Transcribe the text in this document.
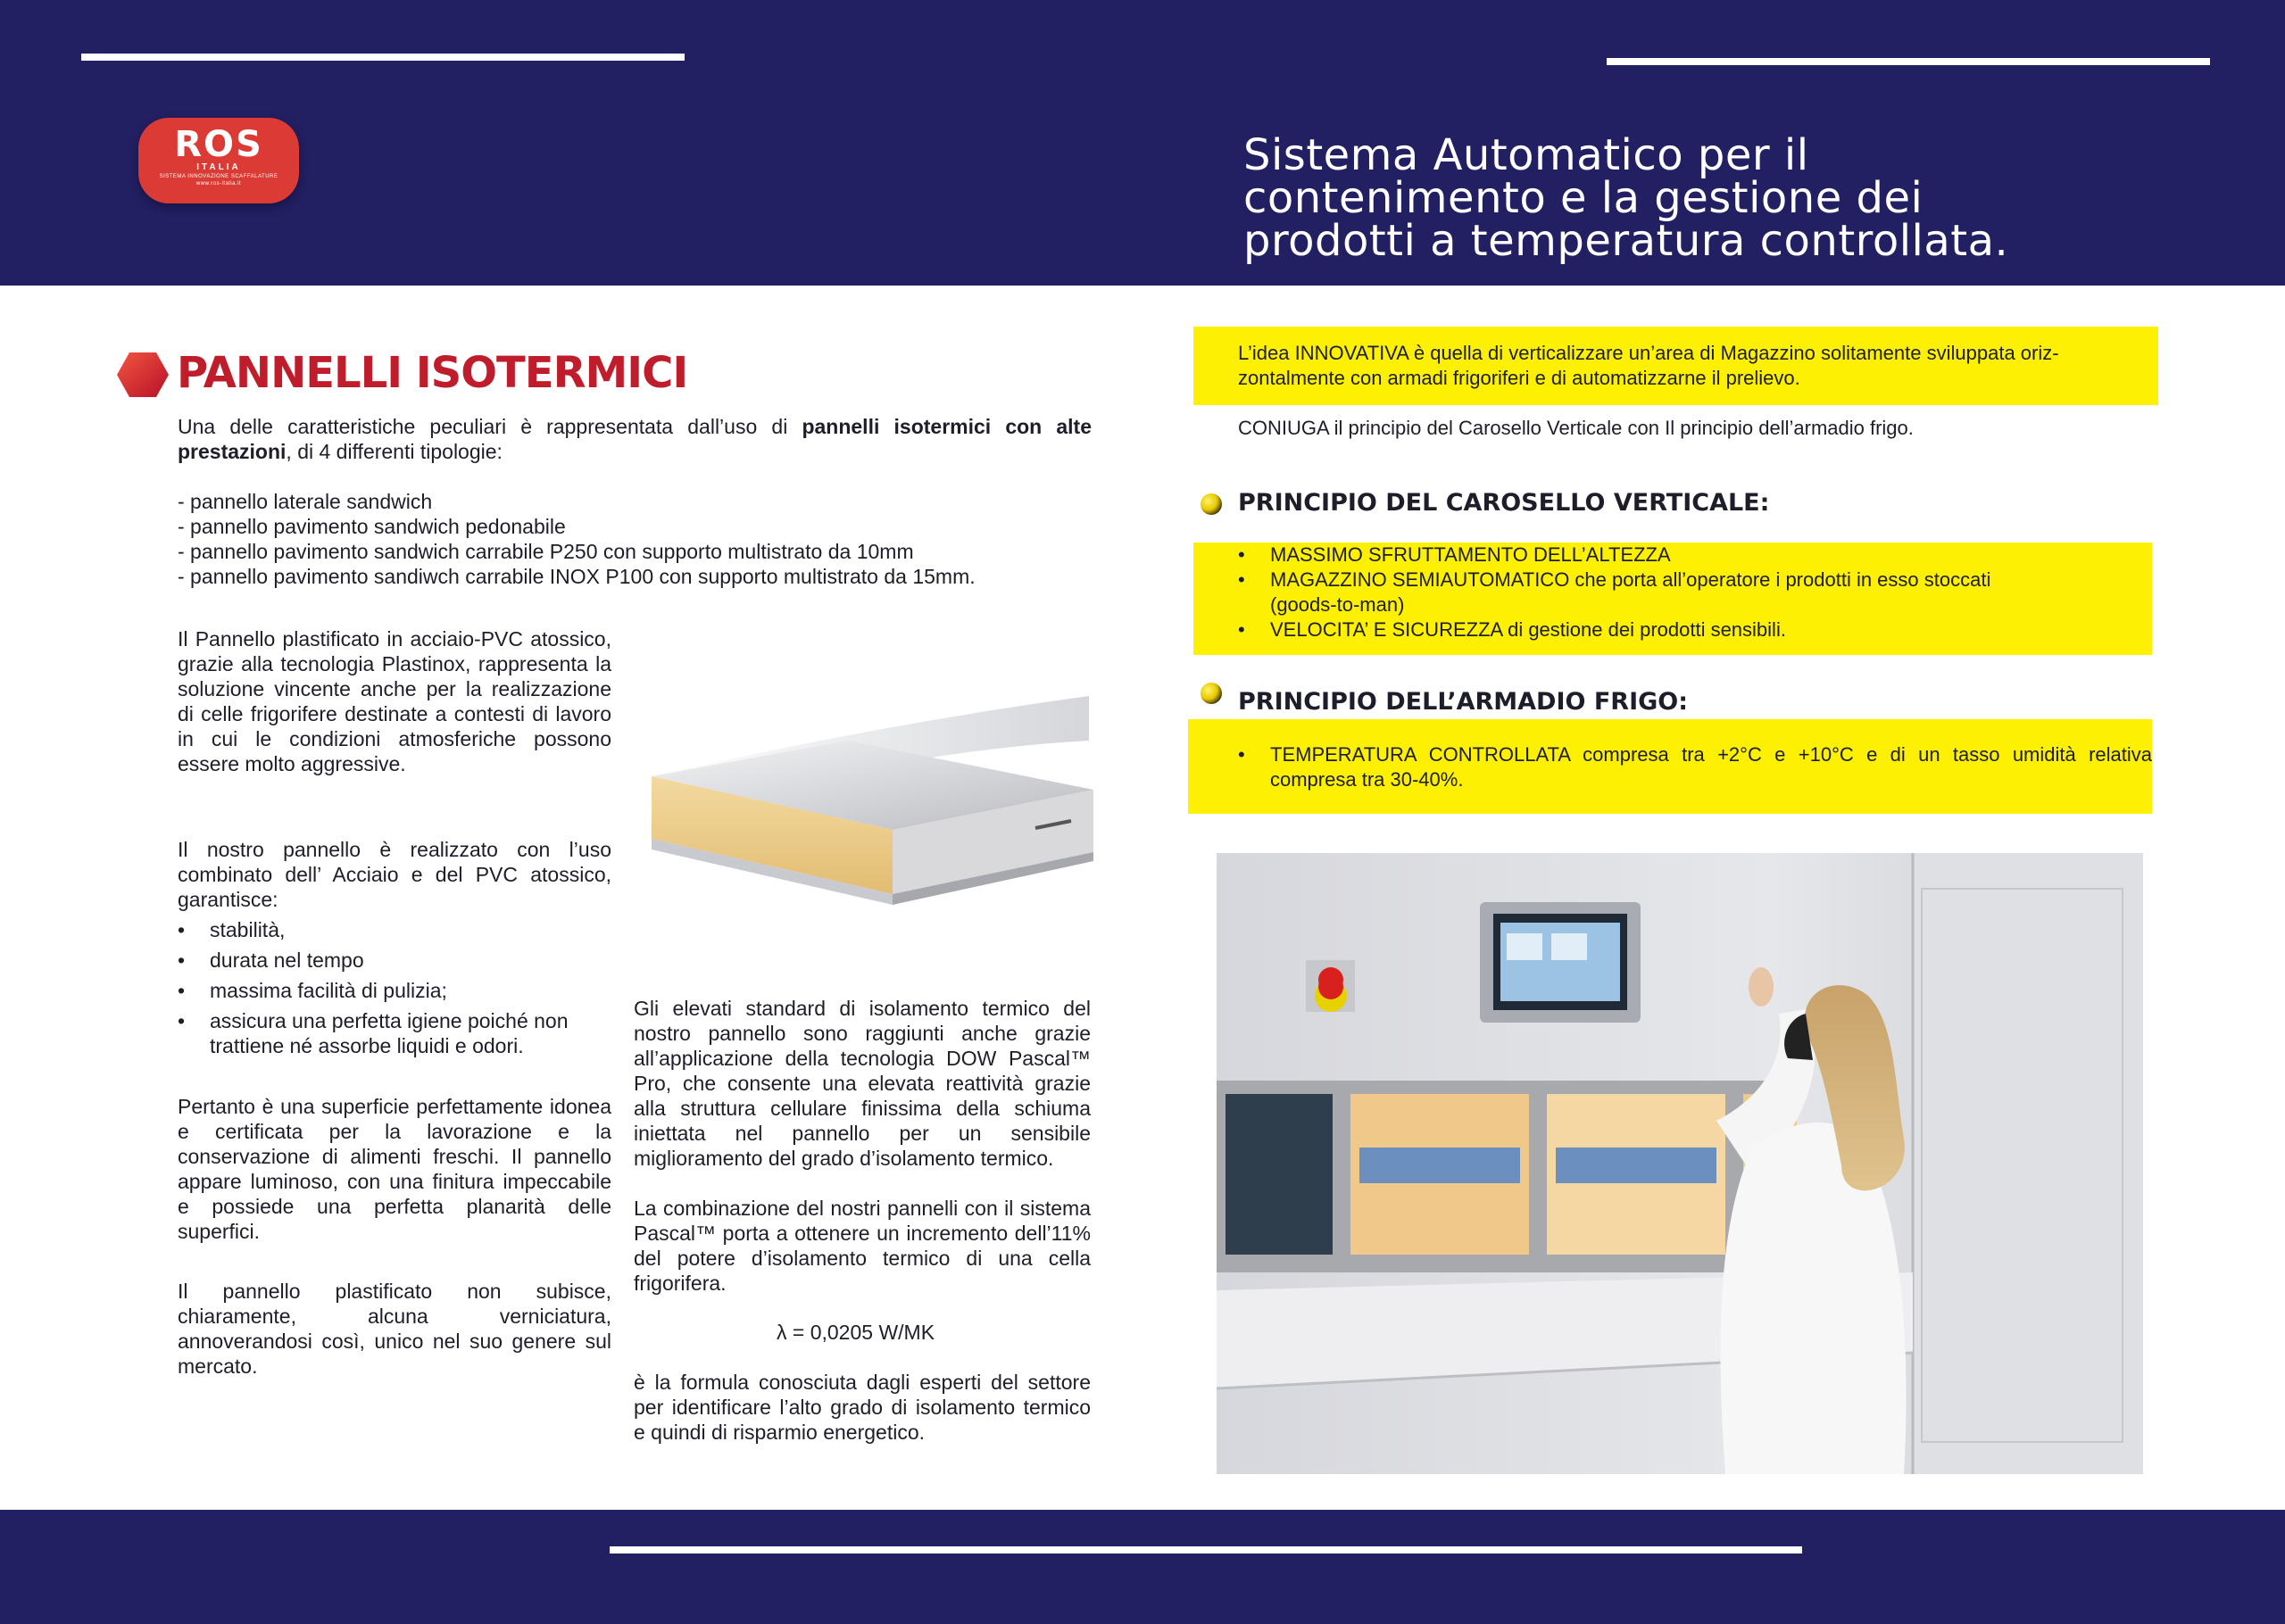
ROS
ITALIA
SISTEMA INNOVAZIONE SCAFFALATURE
www.ros-italia.it
Sistema Automatico per il
contenimento e la gestione dei
prodotti a temperatura controllata.
PANNELLI ISOTERMICI
Una delle caratteristiche peculiari è rappresentata dall’uso di pannelli isotermici con alte prestazioni, di 4 differenti tipologie:
- pannello laterale sandwich
- pannello pavimento sandwich pedonabile
- pannello pavimento sandwich carrabile P250 con supporto multistrato da 10mm
- pannello pavimento sandiwch carrabile INOX P100 con supporto multistrato da 15mm.
Il Pannello plastificato in acciaio-PVC atossico, grazie alla tecnologia Plastinox, rappresenta la soluzione vincente anche per la realizzazione di celle frigorifere destinate a contesti di lavoro in cui le condizioni atmosferiche possono essere molto aggressive.
Il nostro pannello è realizzato con l’uso combinato dell’ Acciaio e del PVC atossico, garantisce:
• stabilità,
• durata nel tempo
• massima facilità di pulizia;
• assicura una perfetta igiene poiché non trattiene né assorbe liquidi e odori.
Pertanto è una superficie perfettamente idonea e certificata per la lavorazione e la conservazione di alimenti freschi. Il pannello appare luminoso, con una finitura impeccabile e possiede una perfetta planarità delle superfici.
Il pannello plastificato non subisce, chiaramente, alcuna verniciatura, annoverandosi così, unico nel suo genere sul mercato.
Gli elevati standard di isolamento termico del nostro pannello sono raggiunti anche grazie all’applicazione della tecnologia DOW Pascal™ Pro, che consente una elevata reattività grazie alla struttura cellulare finissima della schiuma iniettata nel pannello per un sensibile miglioramento del grado d’isolamento termico.
La combinazione del nostri pannelli con il sistema Pascal™ porta a ottenere un incremento dell’11% del potere d’isolamento termico di una cella frigorifera.
λ = 0,0205 W/MK
è la formula conosciuta dagli esperti del settore per identificare l’alto grado di isolamento termico e quindi di risparmio energetico.
L’idea INNOVATIVA è quella di verticalizzare un’area di Magazzino solitamente sviluppata oriz-
zontalmente con armadi frigoriferi e di automatizzarne il prelievo.
CONIUGA il principio del Carosello Verticale con Il principio dell’armadio frigo.
PRINCIPIO DEL CAROSELLO VERTICALE:
• MASSIMO SFRUTTAMENTO DELL’ALTEZZA
• MAGAZZINO SEMIAUTOMATICO che porta all’operatore i prodotti in esso stoccati (goods-to-man)
• VELOCITA’ E SICUREZZA di gestione dei prodotti sensibili.
PRINCIPIO DELL’ARMADIO FRIGO:
• TEMPERATURA CONTROLLATA compresa tra +2°C e +10°C e di un tasso umidità relativa compresa tra 30-40%.
